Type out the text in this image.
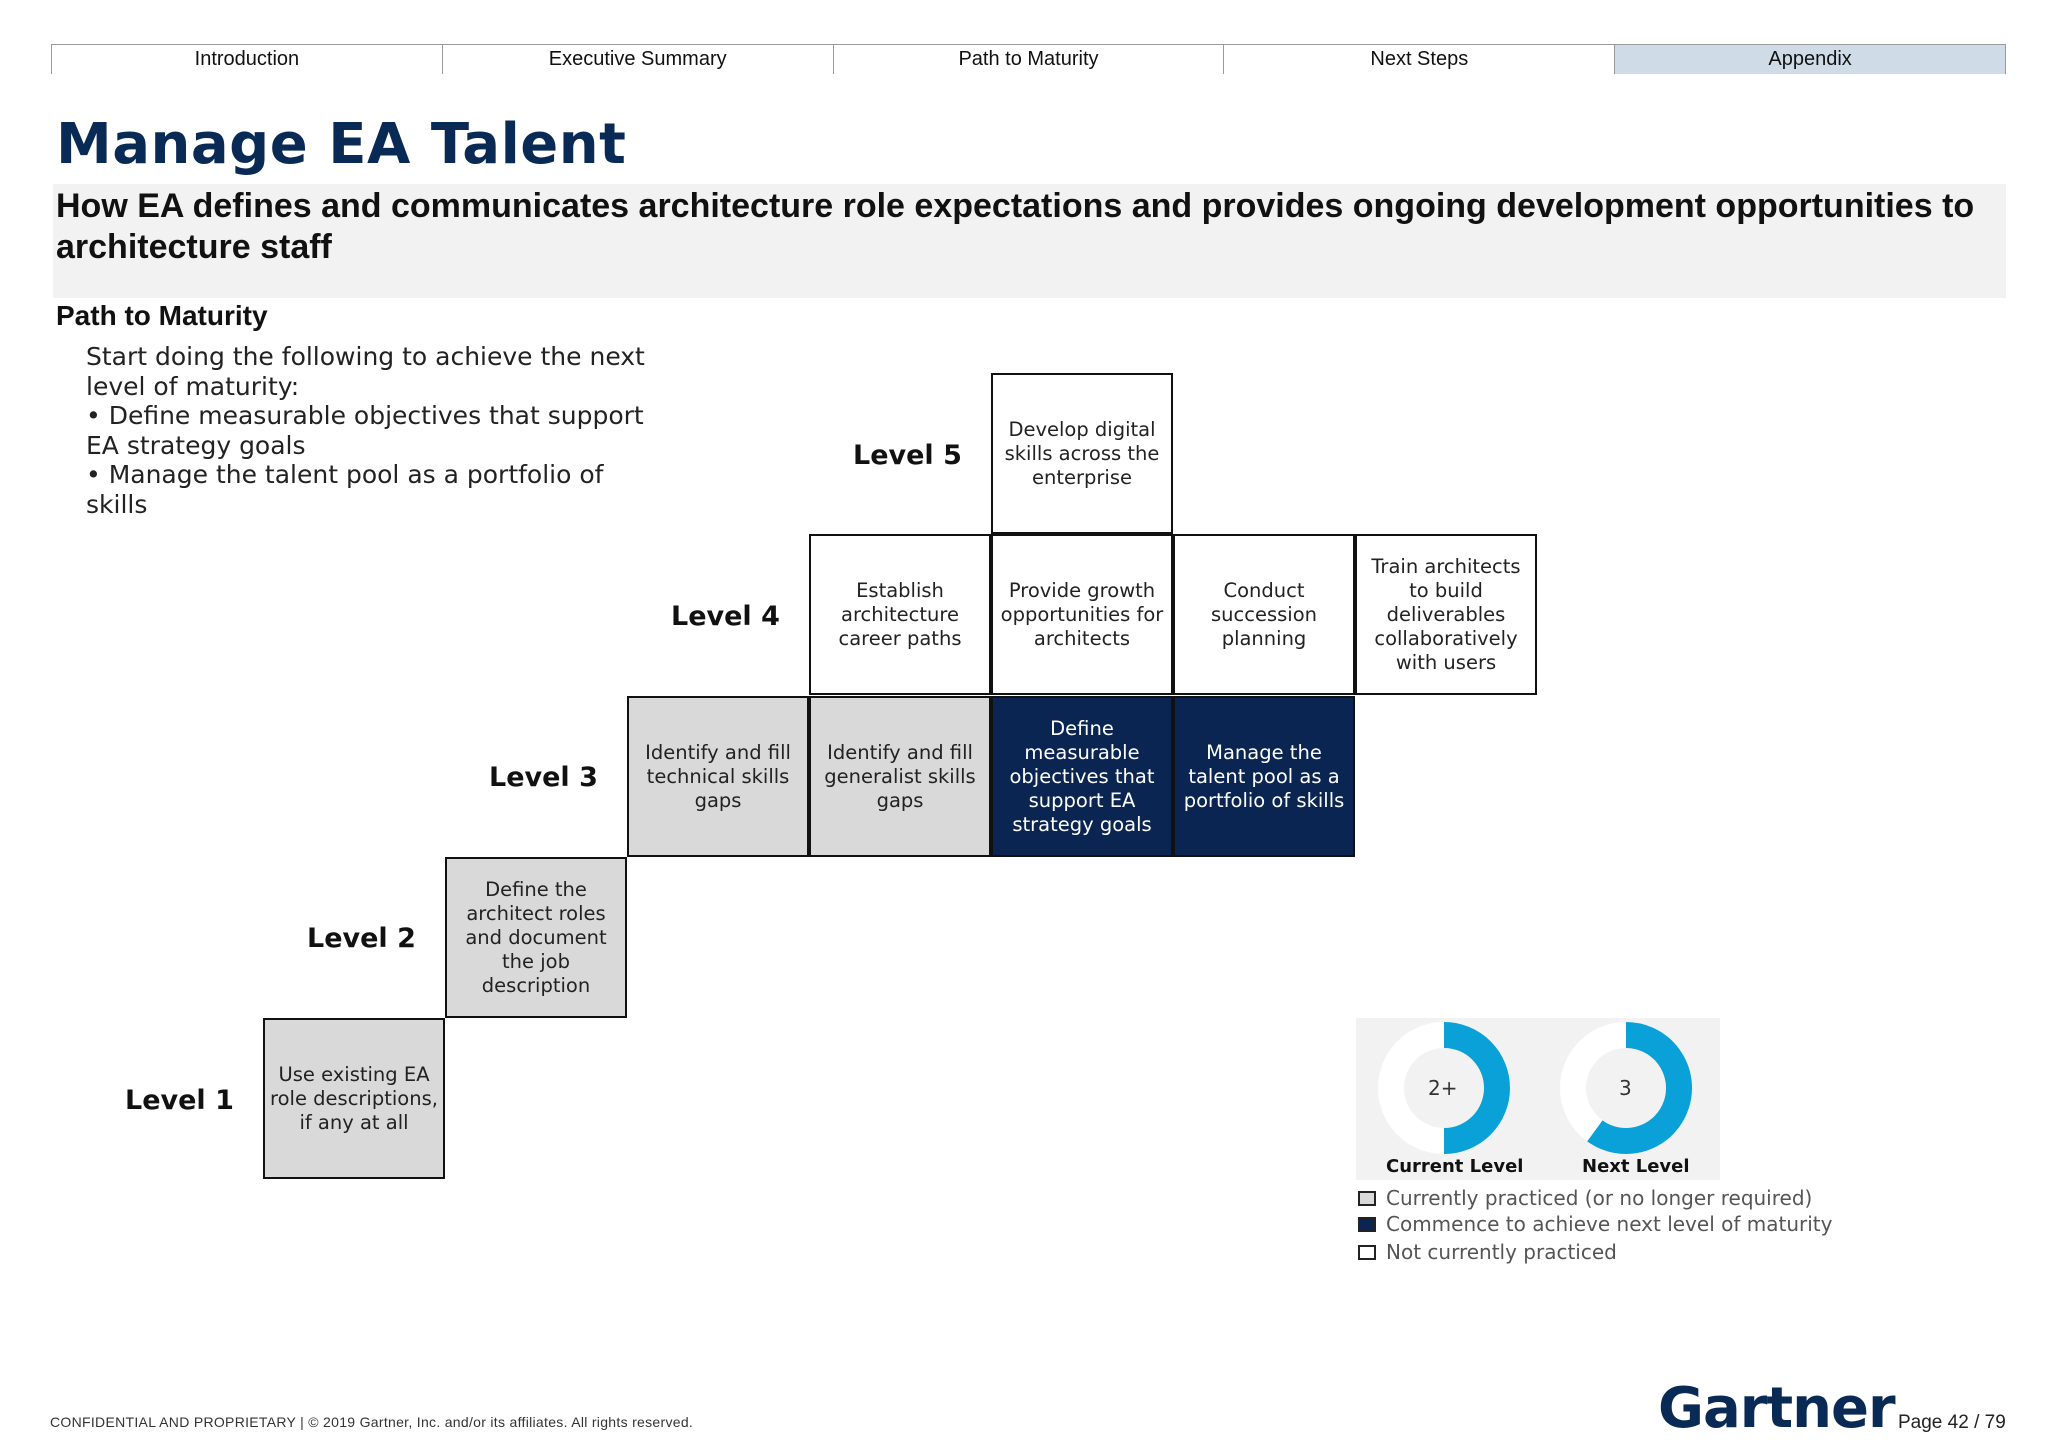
Introduction	Executive Summary	Path to Maturity	Next Steps	Appendix
Manage EA Talent
How EA defines and communicates architecture role expectations and provides ongoing development opportunities to architecture staff
Path to Maturity
Start doing the following to achieve the next level of maturity:
• Define measurable objectives that support EA strategy goals
• Manage the talent pool as a portfolio of skills
Level 1
Level 2
Level 3
Level 4
Level 5
Use existing EA role descriptions, if any at all
Define the architect roles and document the job description
Identify and fill technical skills gaps
Identify and fill generalist skills gaps
Define measurable objectives that support EA strategy goals
Manage the talent pool as a portfolio of skills
Establish architecture career paths
Provide growth opportunities for architects
Conduct succession planning
Train architects to build deliverables collaboratively with users
Develop digital skills across the enterprise
2+	3
Current Level	Next Level
Currently practiced (or no longer required)
Commence to achieve next level of maturity
Not currently practiced
CONFIDENTIAL AND PROPRIETARY | © 2019 Gartner, Inc. and/or its affiliates. All rights reserved.	Gartner Page 42 / 79
